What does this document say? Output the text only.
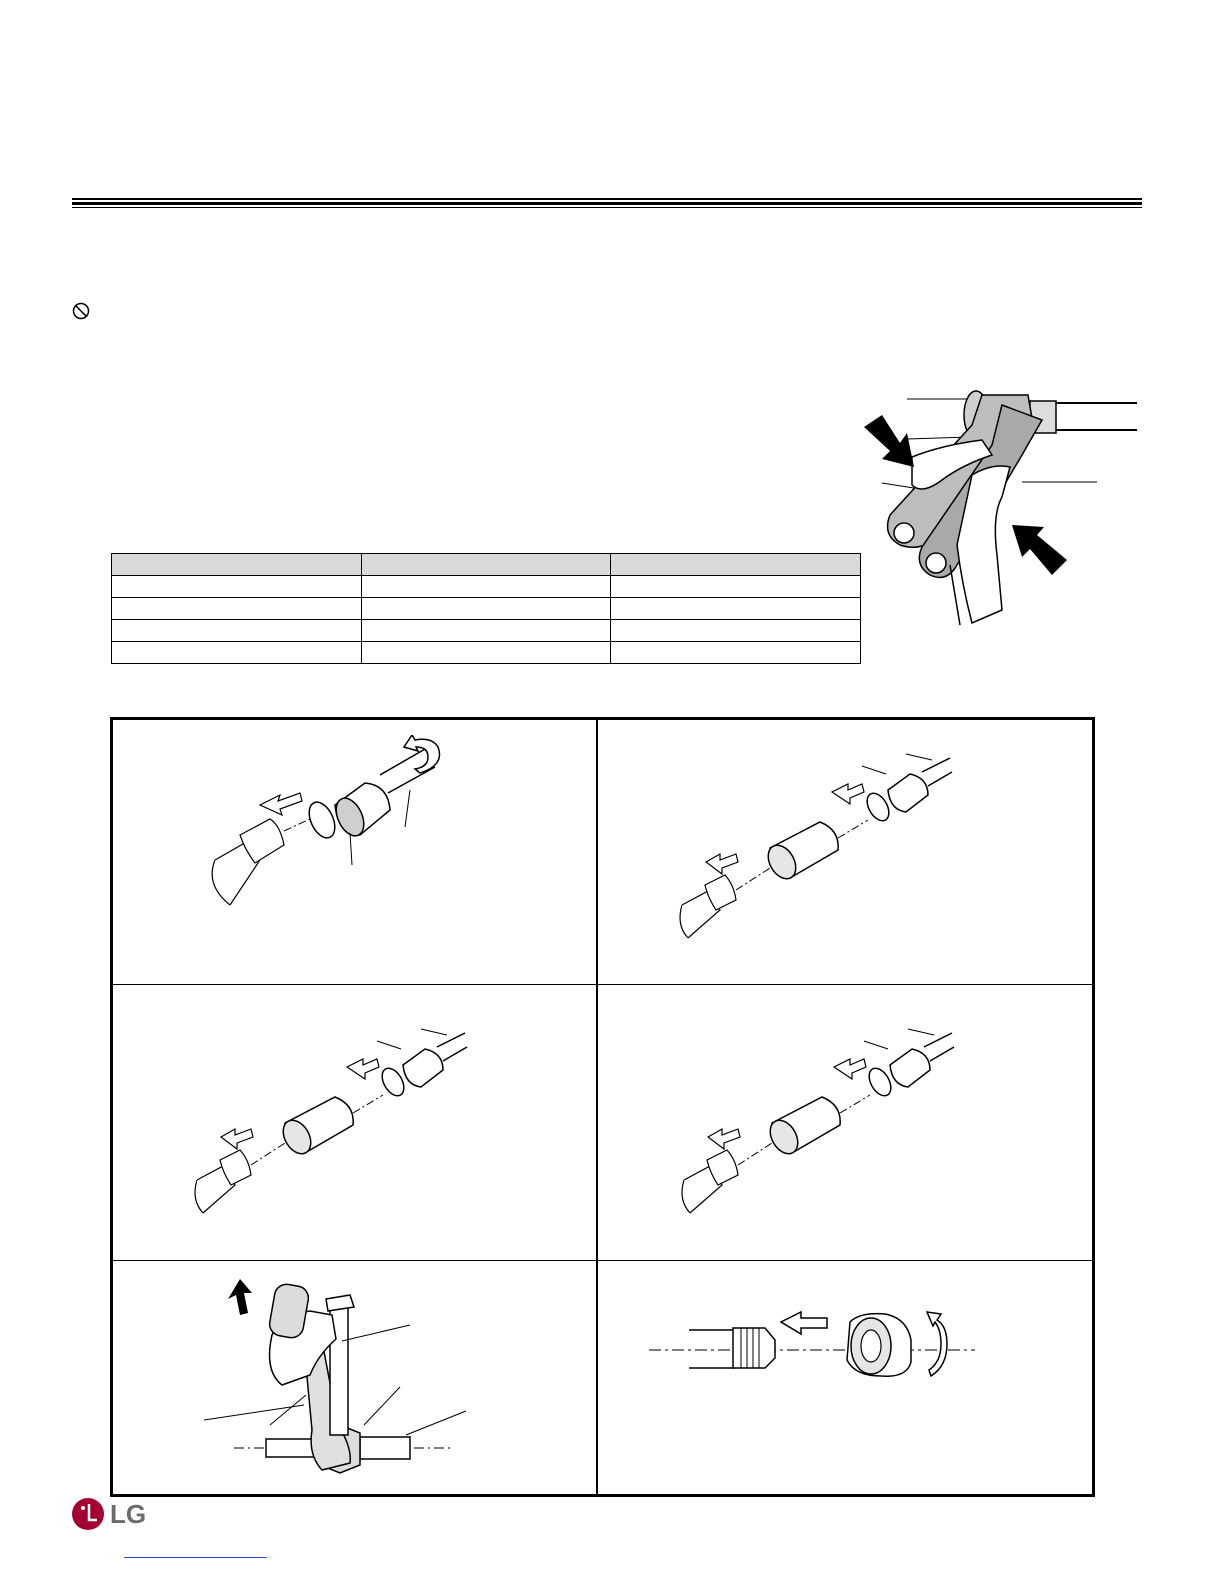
LG
